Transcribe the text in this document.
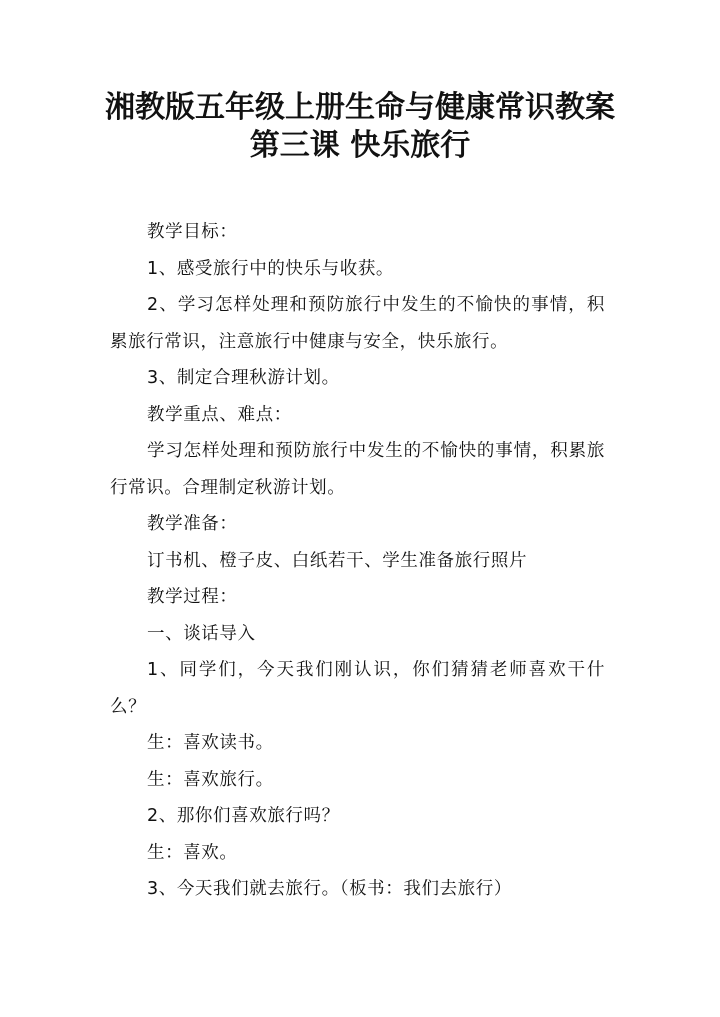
湘教版五年级上册生命与健康常识教案
第三课 快乐旅行

教学目标：

1、感受旅行中的快乐与收获。

2、学习怎样处理和预防旅行中发生的不愉快的事情，积累旅行常识，注意旅行中健康与安全，快乐旅行。

3、制定合理秋游计划。

教学重点、难点：

学习怎样处理和预防旅行中发生的不愉快的事情，积累旅行常识。合理制定秋游计划。

教学准备：

订书机、橙子皮、白纸若干、学生准备旅行照片

教学过程：

一、谈话导入

1、同学们，今天我们刚认识，你们猜猜老师喜欢干什么？

生：喜欢读书。

生：喜欢旅行。

2、那你们喜欢旅行吗？

生：喜欢。

3、今天我们就去旅行。（板书：我们去旅行）
